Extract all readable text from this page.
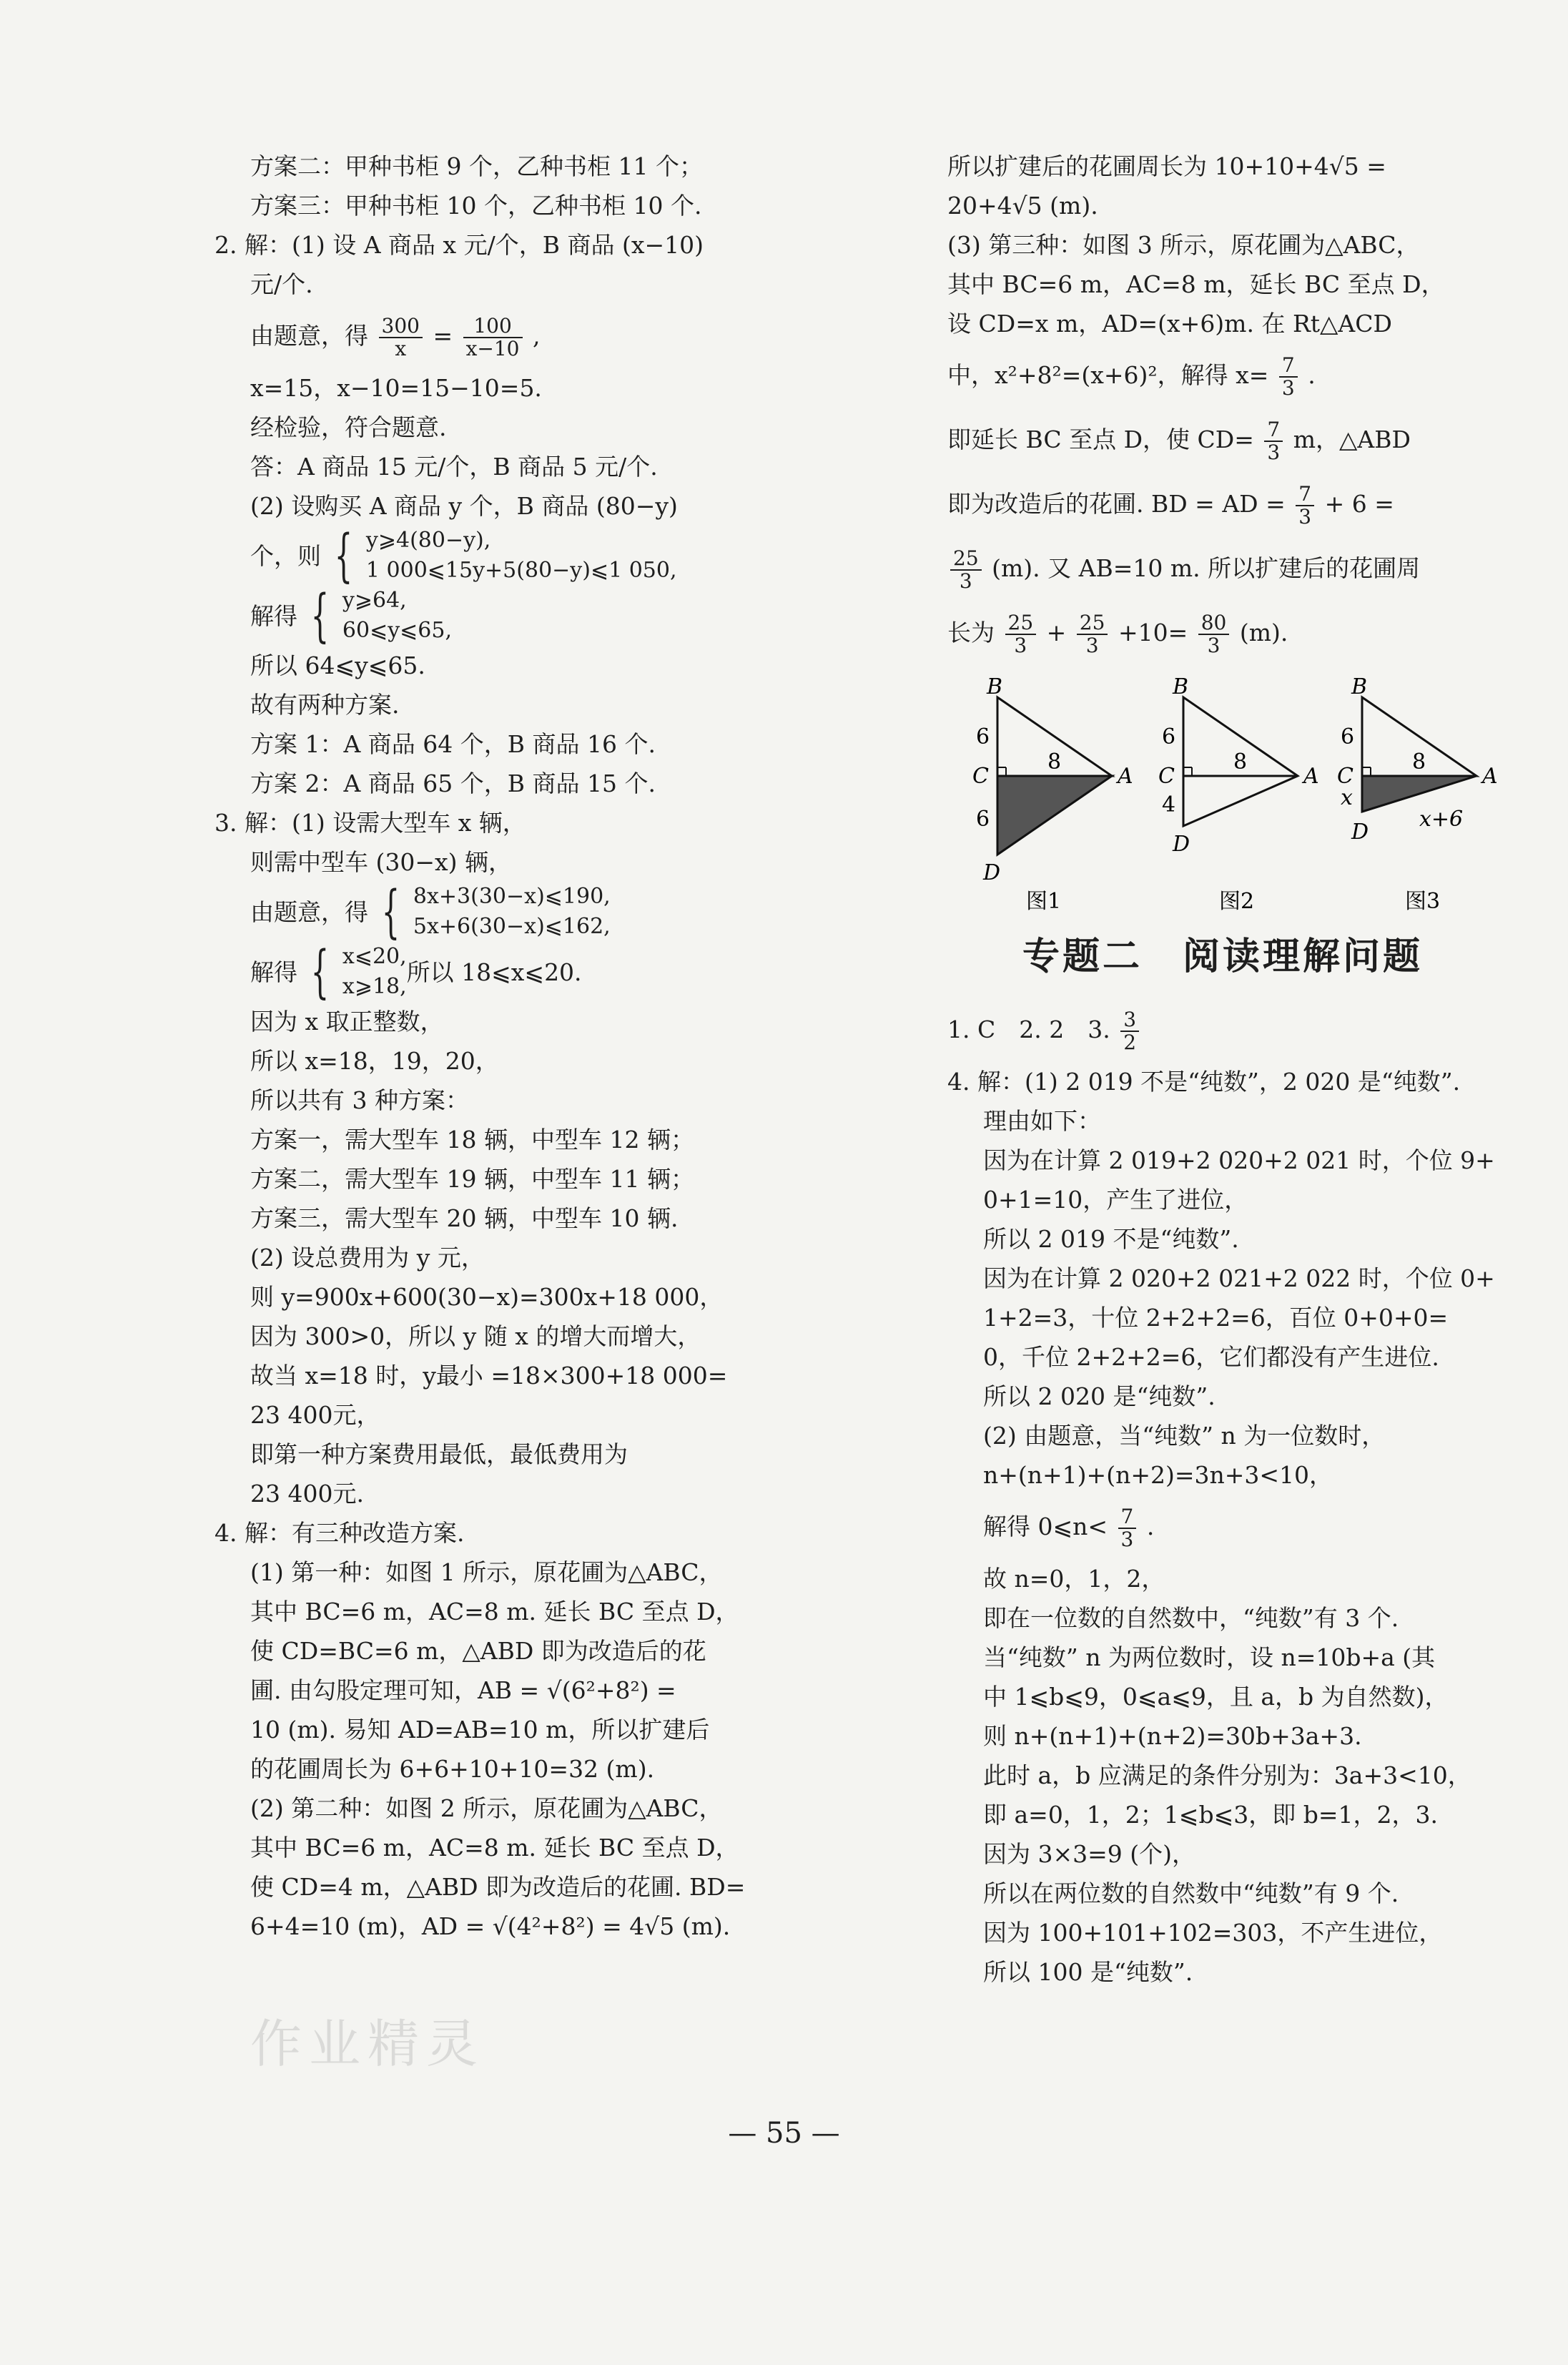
方案二：甲种书柜 9 个，乙种书柜 11 个；
方案三：甲种书柜 10 个，乙种书柜 10 个.
2. 解：(1) 设 A 商品 x 元/个，B 商品 (x−10)
元/个.
由题意，得 $\frac{300}{x} = \frac{100}{x-10}$ ,
x=15，x−10=15−10=5.
经检验，符合题意.
答：A 商品 15 元/个，B 商品 5 元/个.
(2) 设购买 A 商品 y 个，B 商品 (80−y)
个，则 { y⩾4(80−y),
1 000⩽15y+5(80−y)⩽1 050,
解得 { y⩾64,
60⩽y⩽65,
所以 64⩽y⩽65.
故有两种方案.
方案 1：A 商品 64 个，B 商品 16 个.
方案 2：A 商品 65 个，B 商品 15 个.
3. 解：(1) 设需大型车 x 辆，
则需中型车 (30−x) 辆，
由题意，得 { 8x+3(30−x)⩽190,
5x+6(30−x)⩽162,
解得 { x⩽20,
x⩾18,
所以 18⩽x⩽20.
因为 x 取正整数，
所以 x=18，19，20，
所以共有 3 种方案：
方案一，需大型车 18 辆，中型车 12 辆；
方案二，需大型车 19 辆，中型车 11 辆；
方案三，需大型车 20 辆，中型车 10 辆.
(2) 设总费用为 y 元，
则 y=900x+600(30−x)=300x+18 000，
因为 300>0，所以 y 随 x 的增大而增大，
故当 x=18 时，y最小 =18×300+18 000=
23 400元，
即第一种方案费用最低，最低费用为
23 400元.
4. 解：有三种改造方案.
(1) 第一种：如图 1 所示，原花圃为△ABC，
其中 BC=6 m，AC=8 m. 延长 BC 至点 D，
使 CD=BC=6 m，△ABD 即为改造后的花
圃. 由勾股定理可知，AB = √(6²+8²) =
10 (m). 易知 AD=AB=10 m，所以扩建后
的花圃周长为 6+6+10+10=32 (m).
(2) 第二种：如图 2 所示，原花圃为△ABC，
其中 BC=6 m，AC=8 m. 延长 BC 至点 D，
使 CD=4 m，△ABD 即为改造后的花圃. BD=
6+4=10 (m)，AD = √(4²+8²) = 4√5 (m).
所以扩建后的花圃周长为 10+10+4√5 =
20+4√5 (m).
(3) 第三种：如图 3 所示，原花圃为△ABC，
其中 BC=6 m，AC=8 m，延长 BC 至点 D，
设 CD=x m，AD=(x+6)m. 在 Rt△ACD
中，x²+8²=(x+6)²，解得 $x= \frac{7}{3}$ .
即延长 BC 至点 D，使 $CD= \frac{7}{3}$ m，△ABD
即为改造后的花圃. BD = AD = $\frac{7}{3} + 6$ =
$\frac{25}{3} (m)$. 又 AB=10 m. 所以扩建后的花圃周
长为 $\frac{25}{3} + \frac{25}{3} +10= \frac{80}{3} (m)$.
B
C	A
D
6
6
8
图1
B
C	A
D
6
4
8
图2
B
C	A
D
6
x
8
x+6
图3
专题二　阅读理解问题
1. C　2. 2　3. $\frac{3}{2}$
4. 解：(1) 2 019 不是“纯数”，2 020 是“纯数”.
理由如下：
因为在计算 2 019+2 020+2 021 时，个位 9+
0+1=10，产生了进位，
所以 2 019 不是“纯数”.
因为在计算 2 020+2 021+2 022 时，个位 0+
1+2=3，十位 2+2+2=6，百位 0+0+0=
0，千位 2+2+2=6，它们都没有产生进位.
所以 2 020 是“纯数”.
(2) 由题意，当“纯数” n 为一位数时，
n+(n+1)+(n+2)=3n+3<10，
解得 0⩽n< $\frac{7}{3}$ .
故 n=0，1，2，
即在一位数的自然数中，“纯数”有 3 个.
当“纯数” n 为两位数时，设 n=10b+a (其
中 1⩽b⩽9，0⩽a⩽9，且 a，b 为自然数)，
则 n+(n+1)+(n+2)=30b+3a+3.
此时 a，b 应满足的条件分别为：3a+3<10，
即 a=0，1，2；1⩽b⩽3，即 b=1，2，3.
因为 3×3=9 (个)，
所以在两位数的自然数中“纯数”有 9 个.
因为 100+101+102=303，不产生进位，
所以 100 是“纯数”.
作业精灵
— 55 —
